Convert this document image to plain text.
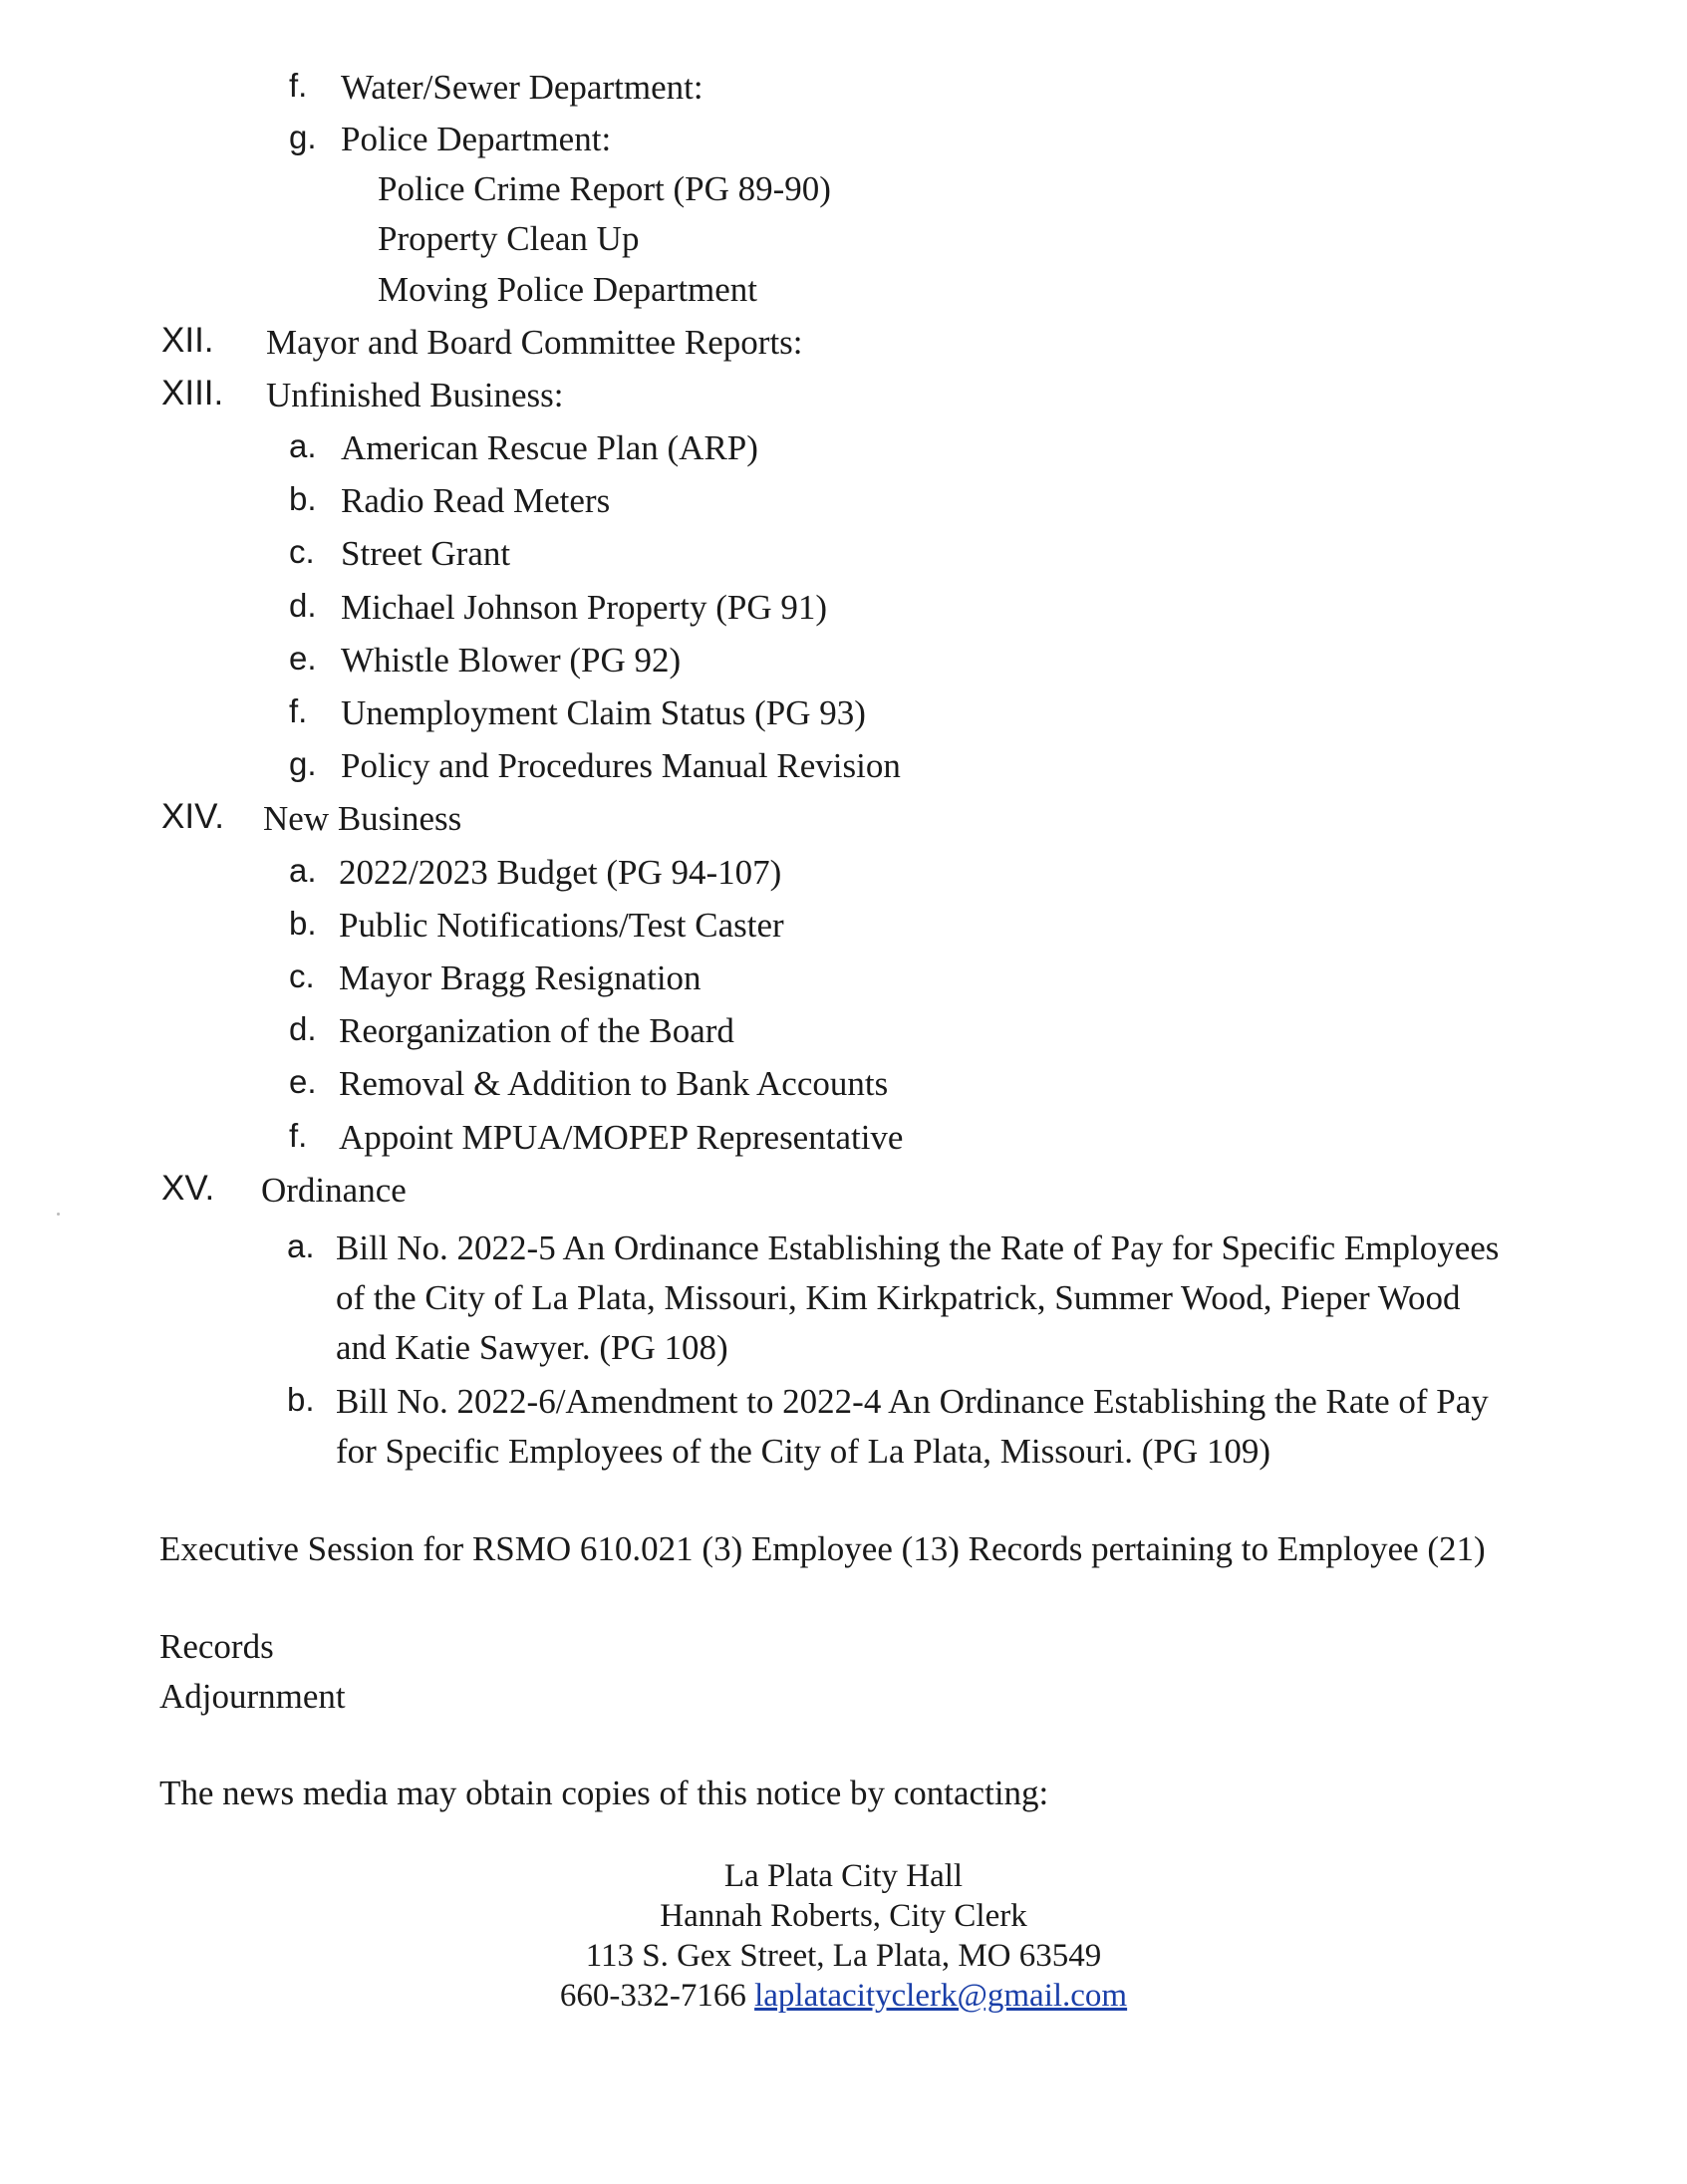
f. Water/Sewer Department:
g. Police Department:
Police Crime Report (PG 89-90)
Property Clean Up
Moving Police Department
XII. Mayor and Board Committee Reports:
XIII. Unfinished Business:
a. American Rescue Plan (ARP)
b. Radio Read Meters
c. Street Grant
d. Michael Johnson Property (PG 91)
e. Whistle Blower (PG 92)
f. Unemployment Claim Status (PG 93)
g. Policy and Procedures Manual Revision
XIV. New Business
a. 2022/2023 Budget (PG 94-107)
b. Public Notifications/Test Caster
c. Mayor Bragg Resignation
d. Reorganization of the Board
e. Removal & Addition to Bank Accounts
f. Appoint MPUA/MOPEP Representative
XV. Ordinance
a. Bill No. 2022-5 An Ordinance Establishing the Rate of Pay for Specific Employees
of the City of La Plata, Missouri, Kim Kirkpatrick, Summer Wood, Pieper Wood
and Katie Sawyer. (PG 108)
b. Bill No. 2022-6/Amendment to 2022-4 An Ordinance Establishing the Rate of Pay
for Specific Employees of the City of La Plata, Missouri. (PG 109)
Executive Session for RSMO 610.021 (3) Employee (13) Records pertaining to Employee (21)
Records
Adjournment
The news media may obtain copies of this notice by contacting:
La Plata City Hall
Hannah Roberts, City Clerk
113 S. Gex Street, La Plata, MO 63549
660-332-7166 laplatacityclerk@gmail.com
